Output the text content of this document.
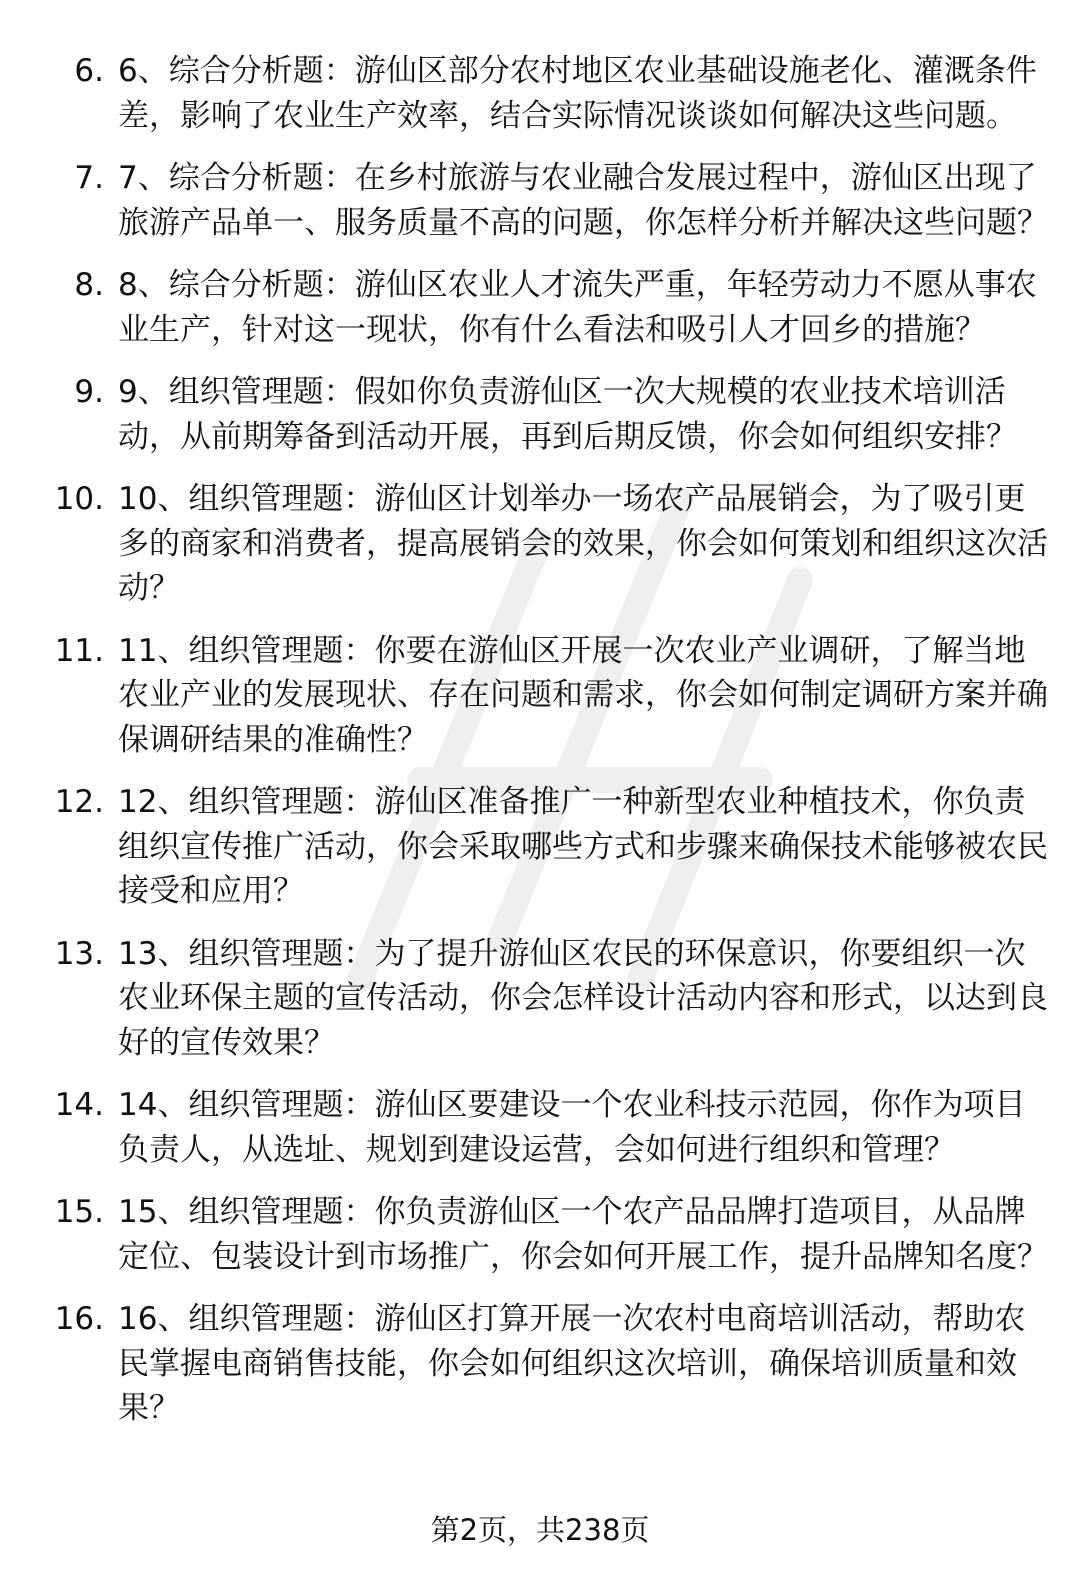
6. 6、综合分析题：游仙区部分农村地区农业基础设施老化、灌溉条件差，影响了农业生产效率，结合实际情况谈谈如何解决这些问题。
7. 7、综合分析题：在乡村旅游与农业融合发展过程中，游仙区出现了旅游产品单一、服务质量不高的问题，你怎样分析并解决这些问题？
8. 8、综合分析题：游仙区农业人才流失严重，年轻劳动力不愿从事农业生产，针对这一现状，你有什么看法和吸引人才回乡的措施？
9. 9、组织管理题：假如你负责游仙区一次大规模的农业技术培训活动，从前期筹备到活动开展，再到后期反馈，你会如何组织安排？
10. 10、组织管理题：游仙区计划举办一场农产品展销会，为了吸引更多的商家和消费者，提高展销会的效果，你会如何策划和组织这次活动？
11. 11、组织管理题：你要在游仙区开展一次农业产业调研，了解当地农业产业的发展现状、存在问题和需求，你会如何制定调研方案并确保调研结果的准确性？
12. 12、组织管理题：游仙区准备推广一种新型农业种植技术，你负责组织宣传推广活动，你会采取哪些方式和步骤来确保技术能够被农民接受和应用？
13. 13、组织管理题：为了提升游仙区农民的环保意识，你要组织一次农业环保主题的宣传活动，你会怎样设计活动内容和形式，以达到良好的宣传效果？
14. 14、组织管理题：游仙区要建设一个农业科技示范园，你作为项目负责人，从选址、规划到建设运营，会如何进行组织和管理？
15. 15、组织管理题：你负责游仙区一个农产品品牌打造项目，从品牌定位、包装设计到市场推广，你会如何开展工作，提升品牌知名度？
16. 16、组织管理题：游仙区打算开展一次农村电商培训活动，帮助农民掌握电商销售技能，你会如何组织这次培训，确保培训质量和效果？
第2页，共238页
